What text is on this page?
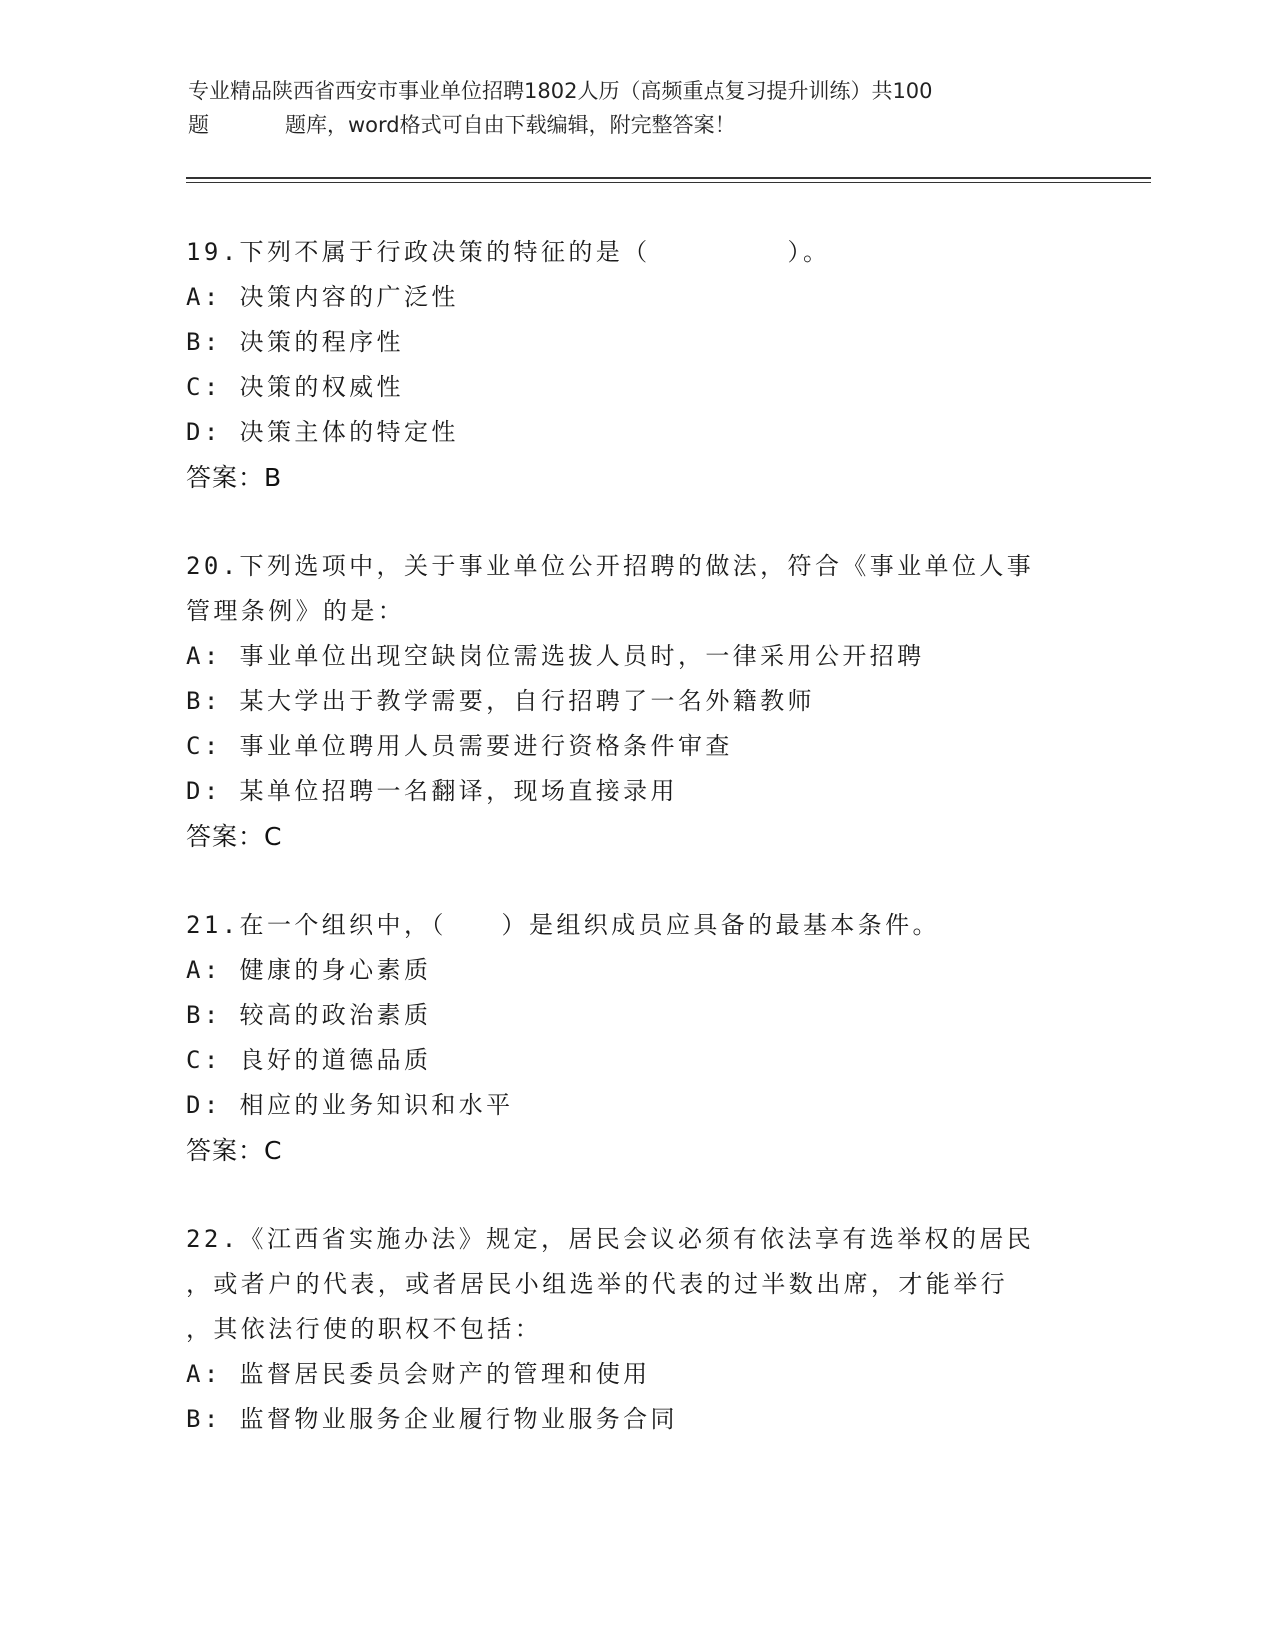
专业精品陕西省西安市事业单位招聘1802人历（高频重点复习提升训练）共100
题	题库，word格式可自由下载编辑，附完整答案！
19.下列不属于行政决策的特征的是（　　　　　）。
A: 决策内容的广泛性
B: 决策的程序性
C: 决策的权威性
D: 决策主体的特定性
答案：B
20.下列选项中，关于事业单位公开招聘的做法，符合《事业单位人事
管理条例》的是：
A: 事业单位出现空缺岗位需选拔人员时，一律采用公开招聘
B: 某大学出于教学需要，自行招聘了一名外籍教师
C: 事业单位聘用人员需要进行资格条件审查
D: 某单位招聘一名翻译，现场直接录用
答案：C
21.在一个组织中，（　　）是组织成员应具备的最基本条件。
A: 健康的身心素质
B: 较高的政治素质
C: 良好的道德品质
D: 相应的业务知识和水平
答案：C
22.《江西省实施办法》规定，居民会议必须有依法享有选举权的居民
，或者户的代表，或者居民小组选举的代表的过半数出席，才能举行
，其依法行使的职权不包括：
A: 监督居民委员会财产的管理和使用
B: 监督物业服务企业履行物业服务合同
